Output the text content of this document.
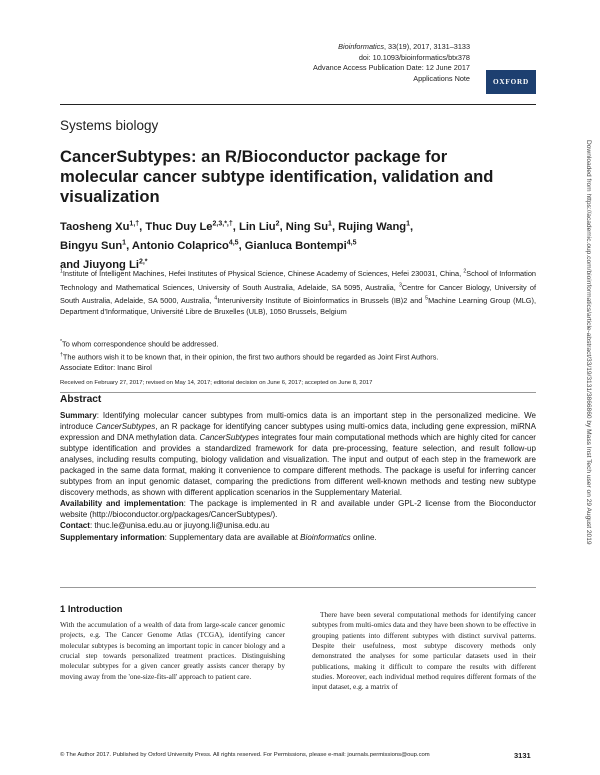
Bioinformatics, 33(19), 2017, 3131–3133
doi: 10.1093/bioinformatics/btx378
Advance Access Publication Date: 12 June 2017
Applications Note	OXFORD
Systems biology
CancerSubtypes: an R/Bioconductor package for molecular cancer subtype identification, validation and visualization
Taosheng $Xu^{1,\dagger}$, Thuc Duy $Le^{2,3,*,\dagger}$, Lin Liu$^2$, Ning Su$^1$, Rujing Wang$^1$,
Bingyu Sun$^1$, Antonio Colaprico$^{4,5}$, Gianluca Bontempi$^{4,5}$
and Jiuyong $Li^{2,*}$
$^1$Institute of Intelligent Machines, Hefei Institutes of Physical Science, Chinese Academy of Sciences, Hefei 230031, China, $^2$School of Information Technology and Mathematical Sciences, University of South Australia, Adelaide, SA 5095, Australia, $^3$Centre for Cancer Biology, University of South Australia, Adelaide, SA 5000, Australia, $^4$Interuniversity Institute of Bioinformatics in Brussels (IB)2 and $^5$Machine Learning Group (MLG), Department d'Informatique, Université Libre de Bruxelles (ULB), 1050 Brussels, Belgium
*To whom correspondence should be addressed.
†The authors wish it to be known that, in their opinion, the first two authors should be regarded as Joint First Authors.
Associate Editor: Inanc Birol
Received on February 27, 2017; revised on May 14, 2017; editorial decision on June 6, 2017; accepted on June 8, 2017
Abstract
Summary: Identifying molecular cancer subtypes from multi-omics data is an important step in the personalized medicine. We introduce CancerSubtypes, an R package for identifying cancer subtypes using multi-omics data, including gene expression, miRNA expression and DNA methylation data. CancerSubtypes integrates four main computational methods which are highly cited for cancer subtype identification and provides a standardized framework for data pre-processing, feature selection, and result follow-up analyses, including results computing, biology validation and visualization. The input and output of each step in the framework are packaged in the same data format, making it convenience to compare different methods. The package is useful for inferring cancer subtypes from an input genomic dataset, comparing the predictions from different well-known methods and testing new subtype discovery methods, as shown with different application scenarios in the Supplementary Material.
Availability and implementation: The package is implemented in R and available under GPL-2 license from the Bioconductor website (http://bioconductor.org/packages/CancerSubtypes/).
Contact: thuc.le@unisa.edu.au or jiuyong.li@unisa.edu.au
Supplementary information: Supplementary data are available at Bioinformatics online.
1 Introduction
With the accumulation of a wealth of data from large-scale cancer genomic projects, e.g. The Cancer Genome Atlas (TCGA), identifying cancer molecular subtypes is becoming an important topic in cancer biology and a crucial step towards personalized treatment practices. Distinguishing molecular subtypes for a given cancer greatly assists cancer therapy by moving away from the 'one-size-fits-all' approach to patient care.
There have been several computational methods for identifying cancer subtypes from multi-omics data and they have been shown to be effective in grouping patients into different subtypes with distinct survival patterns. Despite their usefulness, most subtype discovery methods only demonstrated the analyses for some particular datasets used in their publications, making it difficult to compare the results with different studies. Moreover, each individual method requires different formats of the input dataset, e.g. a matrix of
© The Author 2017. Published by Oxford University Press. All rights reserved. For Permissions, please e-mail: journals.permissions@oup.com	3131
Downloaded from https://academic.oup.com/bioinformatics/article-abstract/33/19/3131/3866860 by Mass Inst Tech user on 29 August 2019
